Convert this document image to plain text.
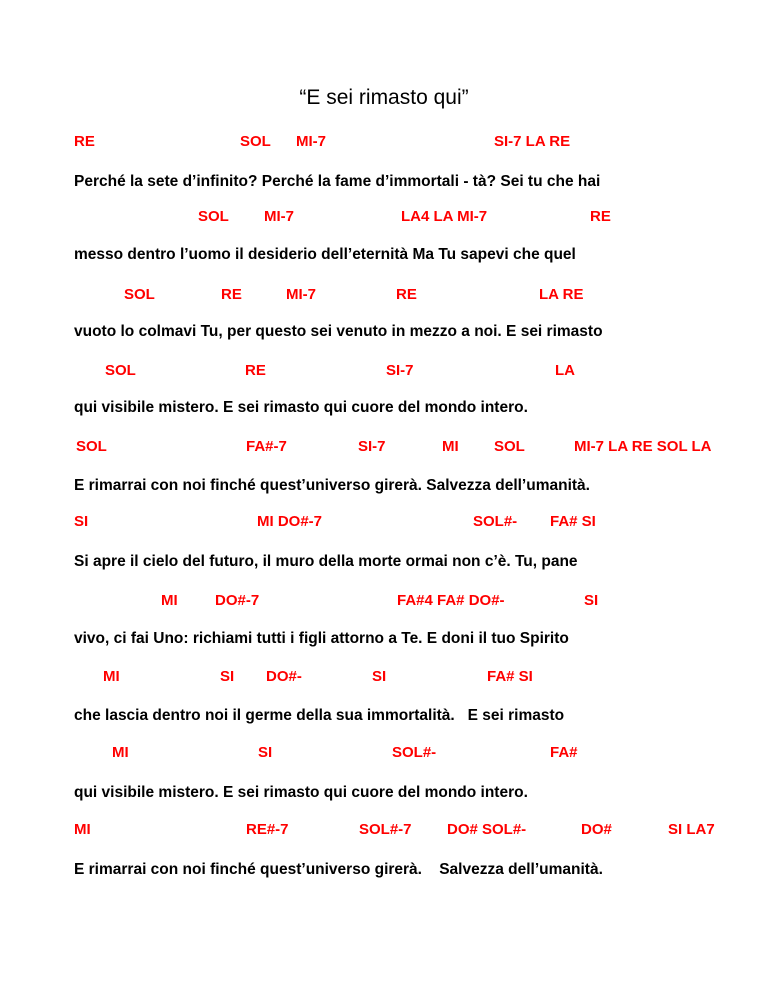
“E sei rimasto qui”
RE	SOL MI-7	SI-7 LA RE
Perché la sete d’infinito? Perché la fame d’immortali - tà? Sei tu che hai
SOL MI-7	LA4 LA MI-7	RE
messo dentro l’uomo il desiderio dell’eternità Ma Tu sapevi che quel
SOL	RE	MI-7	RE	LA RE
vuoto lo colmavi Tu, per questo sei venuto in mezzo a noi. E sei rimasto
SOL	RE	SI-7	LA
qui visibile mistero. E sei rimasto qui cuore del mondo intero.
SOL	FA#-7	SI-7	MI SOL	MI-7 LA RE SOL LA
E rimarrai con noi finché quest’universo girerà. Salvezza dell’umanità.
SI	MI DO#-7	SOL#- FA# SI
Si apre il cielo del futuro, il muro della morte ormai non c’è. Tu, pane
MI DO#-7	FA#4 FA# DO#-	SI
vivo, ci fai Uno: richiami tutti i figli attorno a Te. E doni il tuo Spirito
MI	SI DO#-	SI	FA# SI
che lascia dentro noi il germe della sua immortalità.   E sei rimasto
MI	SI	SOL#-	FA#
qui visibile mistero. E sei rimasto qui cuore del mondo intero.
MI	RE#-7	SOL#-7 DO# SOL#-	DO#	SI LA7
E rimarrai con noi finché quest’universo girerà.    Salvezza dell’umanità.
